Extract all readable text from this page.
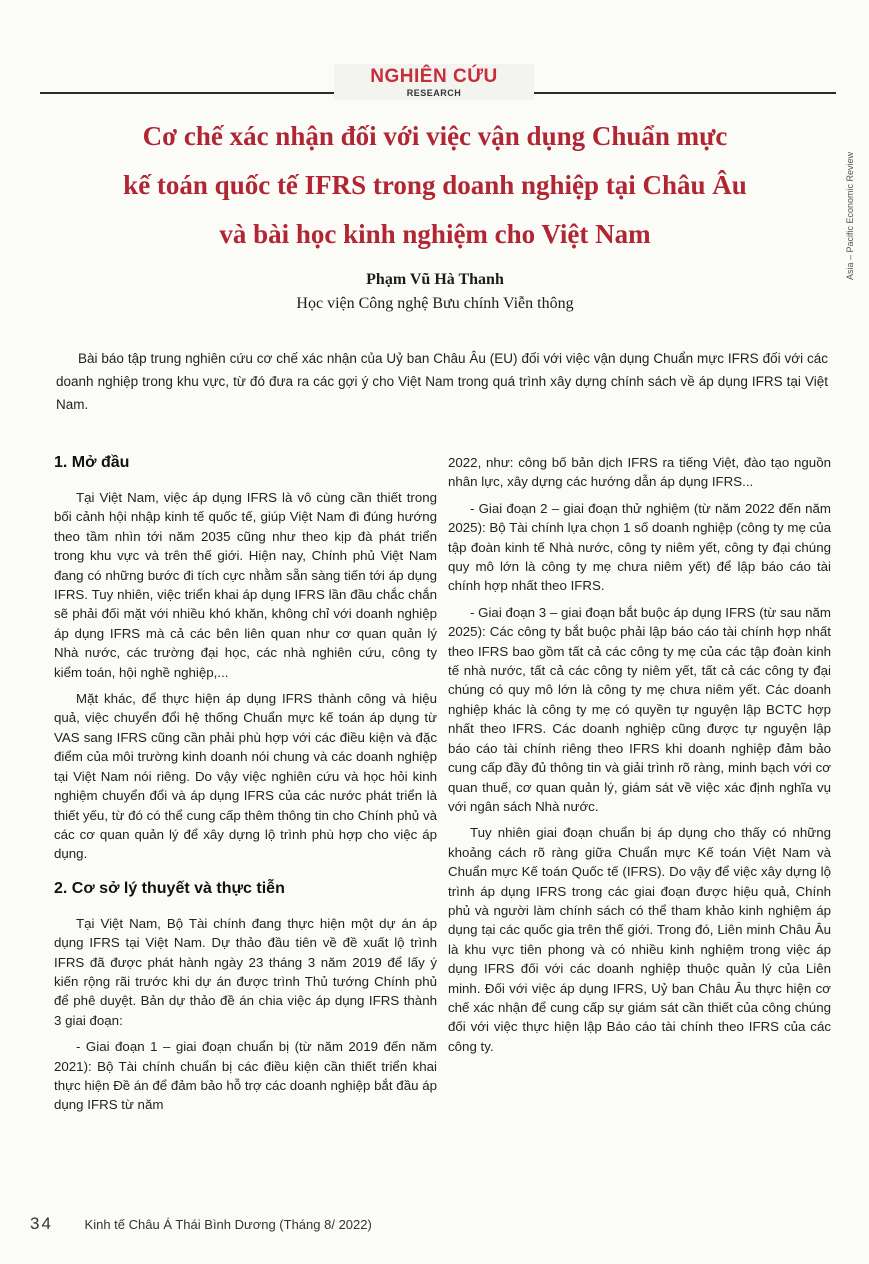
NGHIÊN CỨU
RESEARCH
Asia – Pacific Economic Review
Cơ chế xác nhận đối với việc vận dụng Chuẩn mực
kế toán quốc tế IFRS trong doanh nghiệp tại Châu Âu
và bài học kinh nghiệm cho Việt Nam
Phạm Vũ Hà Thanh
Học viện Công nghệ Bưu chính Viễn thông
Bài báo tập trung nghiên cứu cơ chế xác nhận của Uỷ ban Châu Âu (EU) đối với việc vận dụng Chuẩn mực IFRS đối với các doanh nghiệp trong khu vực, từ đó đưa ra các gợi ý cho Việt Nam trong quá trình xây dựng chính sách về áp dụng IFRS tại Việt Nam.
1. Mở đầu

Tại Việt Nam, việc áp dụng IFRS là vô cùng cần thiết trong bối cảnh hội nhập kinh tế quốc tế, giúp Việt Nam đi đúng hướng theo tầm nhìn tới năm 2035 cũng như theo kịp đà phát triển trong khu vực và trên thế giới. Hiện nay, Chính phủ Việt Nam đang có những bước đi tích cực nhằm sẵn sàng tiến tới áp dụng IFRS. Tuy nhiên, việc triển khai áp dụng IFRS lần đầu chắc chắn sẽ phải đối mặt với nhiều khó khăn, không chỉ với doanh nghiệp áp dụng IFRS mà cả các bên liên quan như cơ quan quản lý Nhà nước, các trường đại học, các nhà nghiên cứu, công ty kiểm toán, hội nghề nghiệp,...

Mặt khác, để thực hiện áp dụng IFRS thành công và hiệu quả, việc chuyển đổi hệ thống Chuẩn mực kế toán áp dụng từ VAS sang IFRS cũng cần phải phù hợp với các điều kiện và đặc điểm của môi trường kinh doanh nói chung và các doanh nghiệp tại Việt Nam nói riêng. Do vậy việc nghiên cứu và học hỏi kinh nghiệm chuyển đổi và áp dụng IFRS của các nước phát triển là thiết yếu, từ đó có thể cung cấp thêm thông tin cho Chính phủ và các cơ quan quản lý để xây dựng lộ trình phù hợp cho việc áp dụng.

2. Cơ sở lý thuyết và thực tiễn

Tại Việt Nam, Bộ Tài chính đang thực hiện một dự án áp dụng IFRS tại Việt Nam. Dự thảo đầu tiên về đề xuất lộ trình IFRS đã được phát hành ngày 23 tháng 3 năm 2019 để lấy ý kiến rộng rãi trước khi dự án được trình Thủ tướng Chính phủ để phê duyệt. Bản dự thảo đề án chia việc áp dụng IFRS thành 3 giai đoạn:

- Giai đoạn 1 – giai đoạn chuẩn bị (từ năm 2019 đến năm 2021): Bộ Tài chính chuẩn bị các điều kiện cần thiết triển khai thực hiện Đề án để đảm bảo hỗ trợ các doanh nghiệp bắt đầu áp dụng IFRS từ năm

2022, như: công bố bản dịch IFRS ra tiếng Việt, đào tạo nguồn nhân lực, xây dựng các hướng dẫn áp dụng IFRS...

- Giai đoạn 2 – giai đoạn thử nghiệm (từ năm 2022 đến năm 2025): Bộ Tài chính lựa chọn 1 số doanh nghiệp (công ty mẹ của tập đoàn kinh tế Nhà nước, công ty niêm yết, công ty đại chúng quy mô lớn là công ty mẹ chưa niêm yết) để lập báo cáo tài chính hợp nhất theo IFRS.

- Giai đoạn 3 – giai đoạn bắt buộc áp dụng IFRS (từ sau năm 2025): Các công ty bắt buộc phải lập báo cáo tài chính hợp nhất theo IFRS bao gồm tất cả các công ty mẹ của các tập đoàn kinh tế nhà nước, tất cả các công ty niêm yết, tất cả các công ty đại chúng có quy mô lớn là công ty mẹ chưa niêm yết. Các doanh nghiệp khác là công ty mẹ có quyền tự nguyện lập BCTC hợp nhất theo IFRS. Các doanh nghiệp cũng được tự nguyện lập báo cáo tài chính riêng theo IFRS khi doanh nghiệp đảm bảo cung cấp đầy đủ thông tin và giải trình rõ ràng, minh bạch với cơ quan thuế, cơ quan quản lý, giám sát về việc xác định nghĩa vụ với ngân sách Nhà nước.

Tuy nhiên giai đoạn chuẩn bị áp dụng cho thấy có những khoảng cách rõ ràng giữa Chuẩn mực Kế toán Việt Nam và Chuẩn mực Kế toán Quốc tế (IFRS). Do vậy để việc xây dựng lộ trình áp dụng IFRS trong các giai đoạn được hiệu quả, Chính phủ và người làm chính sách có thể tham khảo kinh nghiệm áp dụng tại các quốc gia trên thế giới. Trong đó, Liên minh Châu Âu là khu vực tiên phong và có nhiều kinh nghiệm trong việc áp dụng IFRS đối với các doanh nghiệp thuộc quản lý của Liên minh. Đối với việc áp dụng IFRS, Uỷ ban Châu Âu thực hiện cơ chế xác nhận để cung cấp sự giám sát cần thiết của công chúng đối với việc thực hiện lập Báo cáo tài chính theo IFRS của các công ty.

34 Kinh tế Châu Á Thái Bình Dương (Tháng 8/ 2022)
